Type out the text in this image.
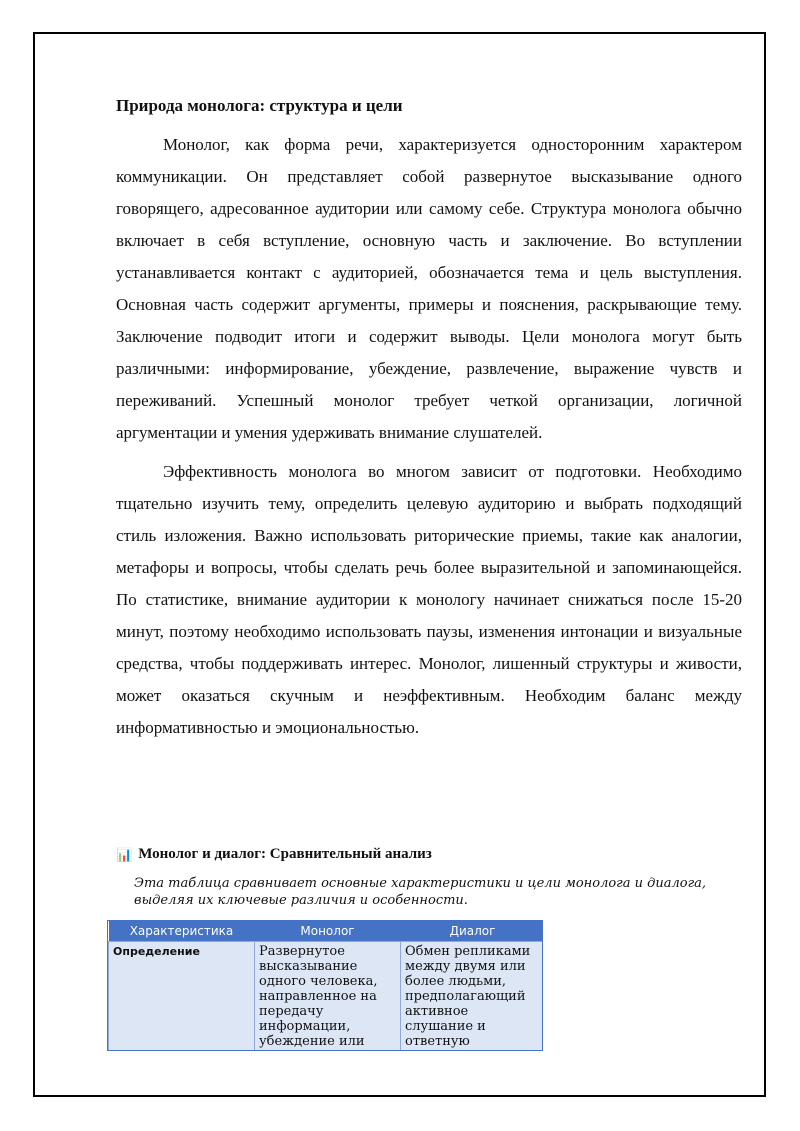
Природа монолога: структура и цели

Монолог, как форма речи, характеризуется односторонним характером коммуникации. Он представляет собой развернутое высказывание одного говорящего, адресованное аудитории или самому себе. Структура монолога обычно включает в себя вступление, основную часть и заключение. Во вступлении устанавливается контакт с аудиторией, обозначается тема и цель выступления. Основная часть содержит аргументы, примеры и пояснения, раскрывающие тему. Заключение подводит итоги и содержит выводы. Цели монолога могут быть различными: информирование, убеждение, развлечение, выражение чувств и переживаний. Успешный монолог требует четкой организации, логичной аргументации и умения удерживать внимание слушателей.

Эффективность монолога во многом зависит от подготовки. Необходимо тщательно изучить тему, определить целевую аудиторию и выбрать подходящий стиль изложения. Важно использовать риторические приемы, такие как аналогии, метафоры и вопросы, чтобы сделать речь более выразительной и запоминающейся. По статистике, внимание аудитории к монологу начинает снижаться после 15-20 минут, поэтому необходимо использовать паузы, изменения интонации и визуальные средства, чтобы поддерживать интерес. Монолог, лишенный структуры и живости, может оказаться скучным и неэффективным. Необходим баланс между информативностью и эмоциональностью.

📊 Монолог и диалог: Сравнительный анализ
Эта таблица сравнивает основные характеристики и цели монолога и диалога, выделяя их ключевые различия и особенности.
Характеристика	Монолог	Диалог
Определение	Развернутое высказывание одного человека, направленное на передачу информации, убеждение или	Обмен репликами между двумя или более людьми, предполагающий активное слушание и ответную
